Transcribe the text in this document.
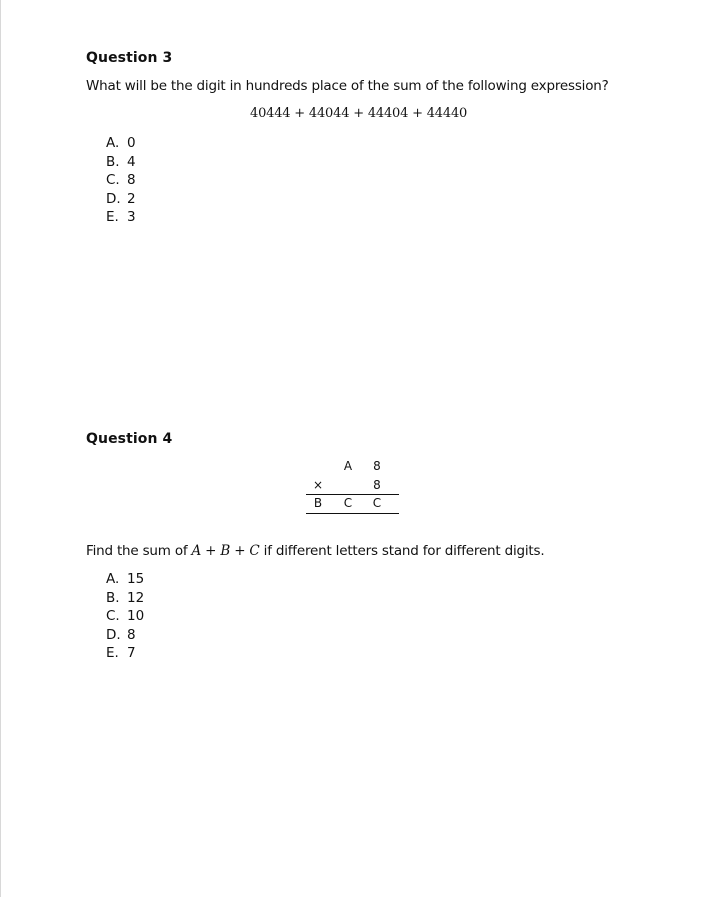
Question 3
What will be the digit in hundreds place of the sum of the following expression?
40444 + 44044 + 44404 + 44440
A. 0
B. 4
C. 8
D. 2
E. 3
Question 4
A 8
×	8
B C C
Find the sum of A + B + C if different letters stand for different digits.
A. 15
B. 12
C. 10
D. 8
E. 7
